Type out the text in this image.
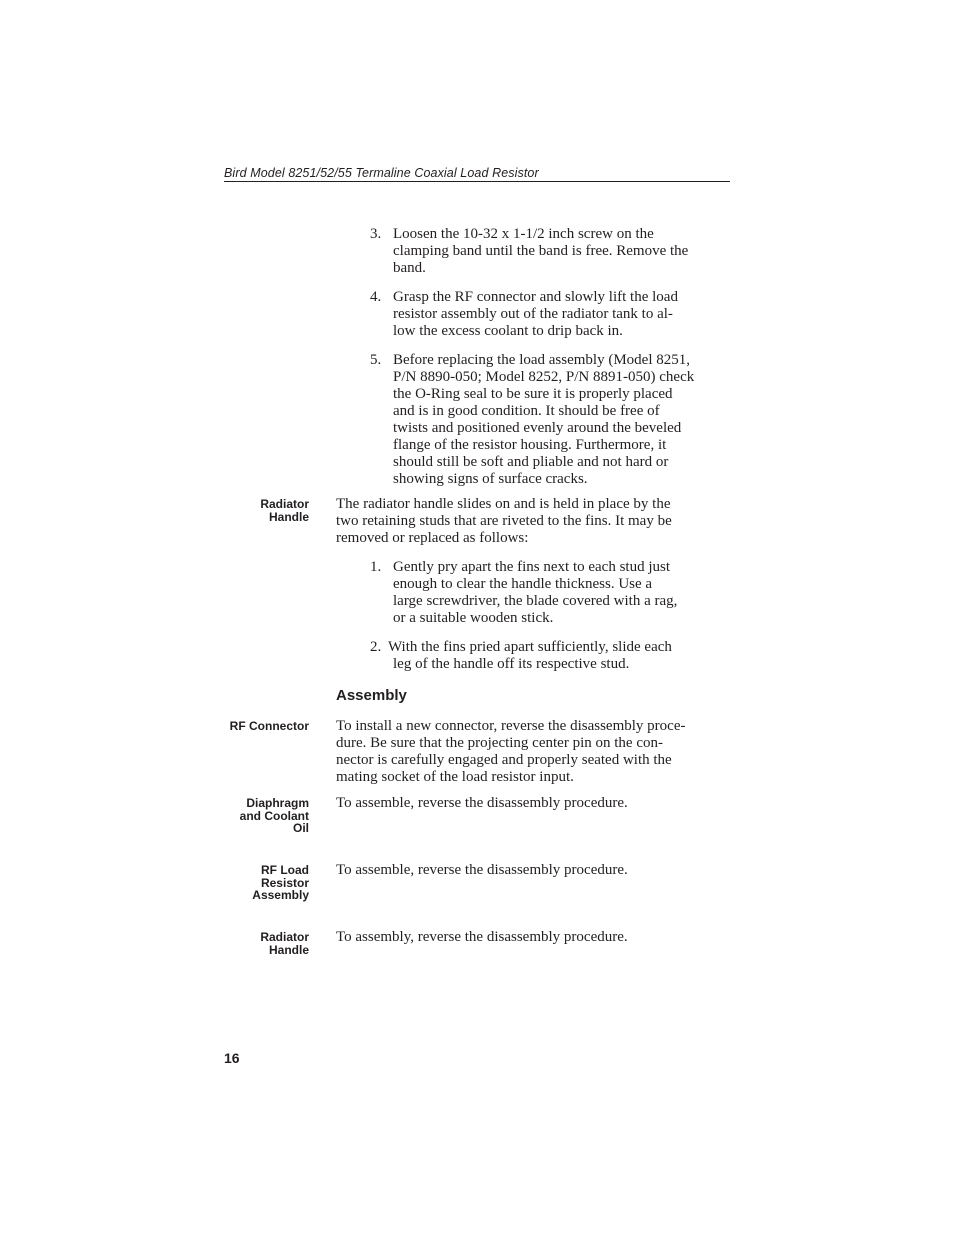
Bird Model 8251/52/55 Termaline Coaxial Load Resistor
3. Loosen the 10-32 x 1-1/2 inch screw on the
clamping band until the band is free. Remove the
band.
4. Grasp the RF connector and slowly lift the load
resistor assembly out of the radiator tank to al-
low the excess coolant to drip back in.
5. Before replacing the load assembly (Model 8251,
P/N 8890-050; Model 8252, P/N 8891-050) check
the O-Ring seal to be sure it is properly placed
and is in good condition. It should be free of
twists and positioned evenly around the beveled
flange of the resistor housing. Furthermore, it
should still be soft and pliable and not hard or
showing signs of surface cracks.
Radiator
Handle
The radiator handle slides on and is held in place by the
two retaining studs that are riveted to the fins. It may be
removed or replaced as follows:
1. Gently pry apart the fins next to each stud just
enough to clear the handle thickness. Use a
large screwdriver, the blade covered with a rag,
or a suitable wooden stick.
2. With the fins pried apart sufficiently, slide each
leg of the handle off its respective stud.
Assembly
RF Connector To install a new connector, reverse the disassembly proce-
dure. Be sure that the projecting center pin on the con-
nector is carefully engaged and properly seated with the
mating socket of the load resistor input.
Diaphragm
and Coolant
Oil
To assemble, reverse the disassembly procedure.
RF Load
Resistor
Assembly
To assemble, reverse the disassembly procedure.
Radiator
Handle
To assembly, reverse the disassembly procedure.
16
